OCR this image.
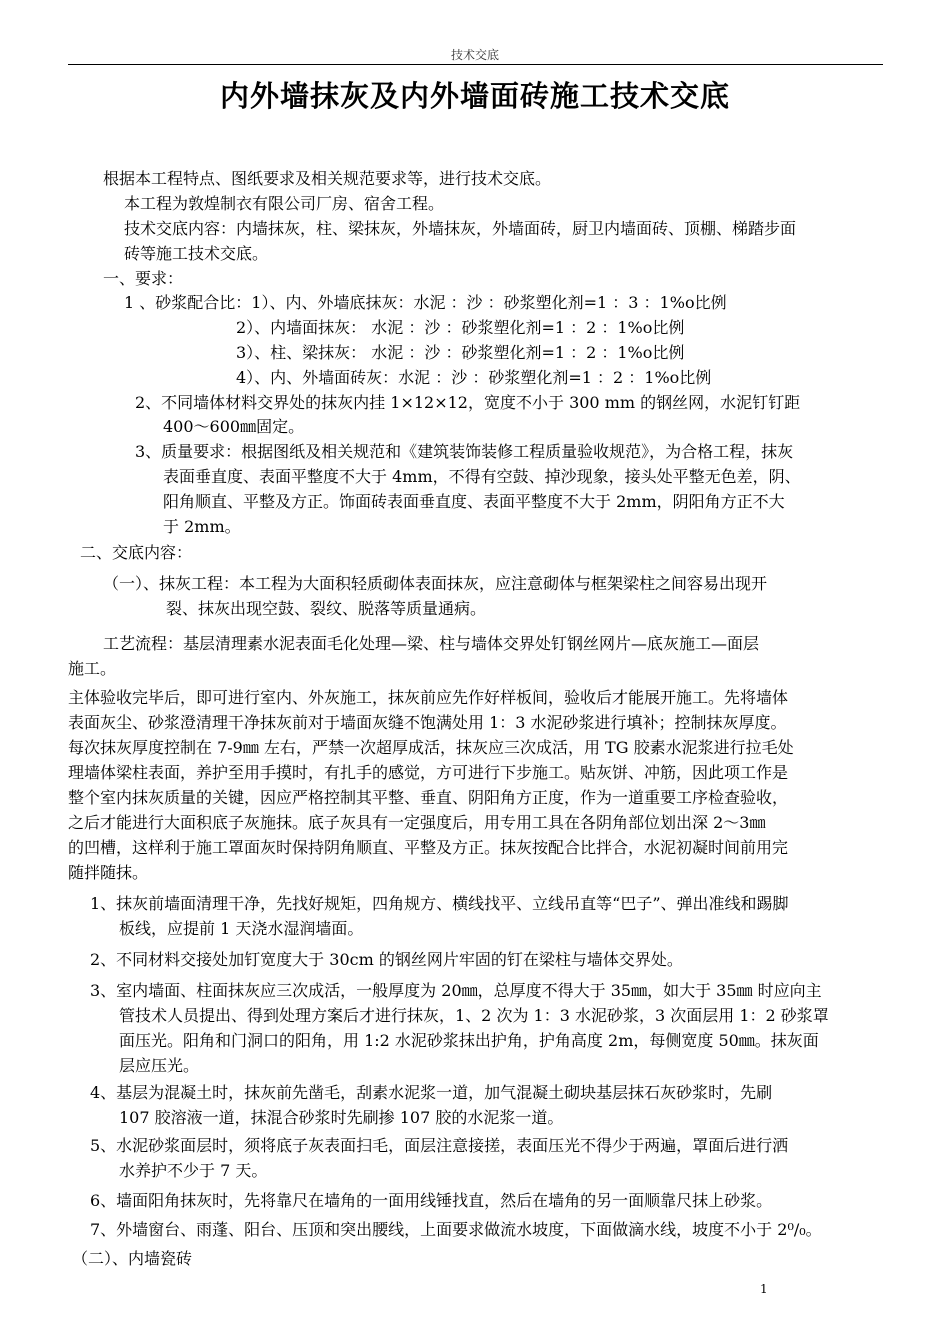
技术交底
内外墙抹灰及内外墙面砖施工技术交底
根据本工程特点、图纸要求及相关规范要求等，进行技术交底。
本工程为敦煌制衣有限公司厂房、宿舍工程。
技术交底内容：内墙抹灰，柱、梁抹灰，外墙抹灰，外墙面砖，厨卫内墙面砖、顶棚、梯踏步面
砖等施工技术交底。
一、要求：
1 、砂浆配合比：1）、内、外墙底抹灰：水泥 ：沙 ：砂浆塑化剂=1 ：3 ：1%o比例
2）、内墙面抹灰： 水泥 ：沙 ：砂浆塑化剂=1 ：2 ：1%o比例
3）、柱、梁抹灰： 水泥 ：沙 ：砂浆塑化剂=1 ：2 ：1%o比例
4）、内、外墙面砖灰：水泥 ：沙 ：砂浆塑化剂=1 ：2 ：1%o比例
2、不同墙体材料交界处的抹灰内挂 1×12×12，宽度不小于 300 mm 的钢丝网，水泥钉钉距
400～600㎜固定。
3、质量要求：根据图纸及相关规范和《建筑装饰装修工程质量验收规范》，为合格工程，抹灰
表面垂直度、表面平整度不大于 4mm，不得有空鼓、掉沙现象，接头处平整无色差，阴、
阳角顺直、平整及方正。饰面砖表面垂直度、表面平整度不大于 2mm，阴阳角方正不大
于 2mm。
二、交底内容：
（一）、抹灰工程：本工程为大面积轻质砌体表面抹灰，应注意砌体与框架梁柱之间容易出现开
裂、抹灰出现空鼓、裂纹、脱落等质量通病。
工艺流程：基层清理素水泥表面毛化处理—梁、柱与墙体交界处钉钢丝网片—底灰施工—面层
施工。
主体验收完毕后，即可进行室内、外灰施工，抹灰前应先作好样板间，验收后才能展开施工。先将墙体
表面灰尘、砂浆澄清理干净抹灰前对于墙面灰缝不饱满处用 1：3 水泥砂浆进行填补；控制抹灰厚度。
每次抹灰厚度控制在 7-9㎜ 左右，严禁一次超厚成活，抹灰应三次成活，用 TG 胶素水泥浆进行拉毛处
理墙体梁柱表面，养护至用手摸时，有扎手的感觉，方可进行下步施工。贴灰饼、冲筋，因此项工作是
整个室内抹灰质量的关键，因应严格控制其平整、垂直、阴阳角方正度，作为一道重要工序检查验收，
之后才能进行大面积底子灰施抹。底子灰具有一定强度后，用专用工具在各阴角部位划出深 2～3㎜
的凹槽，这样利于施工罩面灰时保持阴角顺直、平整及方正。抹灰按配合比拌合，水泥初凝时间前用完
随拌随抹。
1、抹灰前墙面清理干净，先找好规矩，四角规方、横线找平、立线吊直等“巴子”、弹出准线和踢脚
板线，应提前 1 天浇水湿润墙面。
2、不同材料交接处加钉宽度大于 30cm 的钢丝网片牢固的钉在梁柱与墙体交界处。
3、室内墙面、柱面抹灰应三次成活，一般厚度为 20㎜，总厚度不得大于 35㎜，如大于 35㎜ 时应向主
管技术人员提出、得到处理方案后才进行抹灰，1、2 次为 1：3 水泥砂浆，3 次面层用 1：2 砂浆罩
面压光。阳角和门洞口的阳角，用 1:2 水泥砂浆抹出护角，护角高度 2m，每侧宽度 50㎜。抹灰面
层应压光。
4、基层为混凝土时，抹灰前先凿毛，刮素水泥浆一道，加气混凝土砌块基层抹石灰砂浆时，先刷
107 胶溶液一道，抹混合砂浆时先刷掺 107 胶的水泥浆一道。
5、水泥砂浆面层时，须将底子灰表面扫毛，面层注意接搓，表面压光不得少于两遍，罩面后进行洒
水养护不少于 7 天。
6、墙面阳角抹灰时，先将靠尺在墙角的一面用线锤找直，然后在墙角的另一面顺靠尺抹上砂浆。
7、外墙窗台、雨蓬、阳台、压顶和突出腰线，上面要求做流水坡度，下面做滴水线，坡度不小于 2⁰/₀。
（二）、内墙瓷砖
1
